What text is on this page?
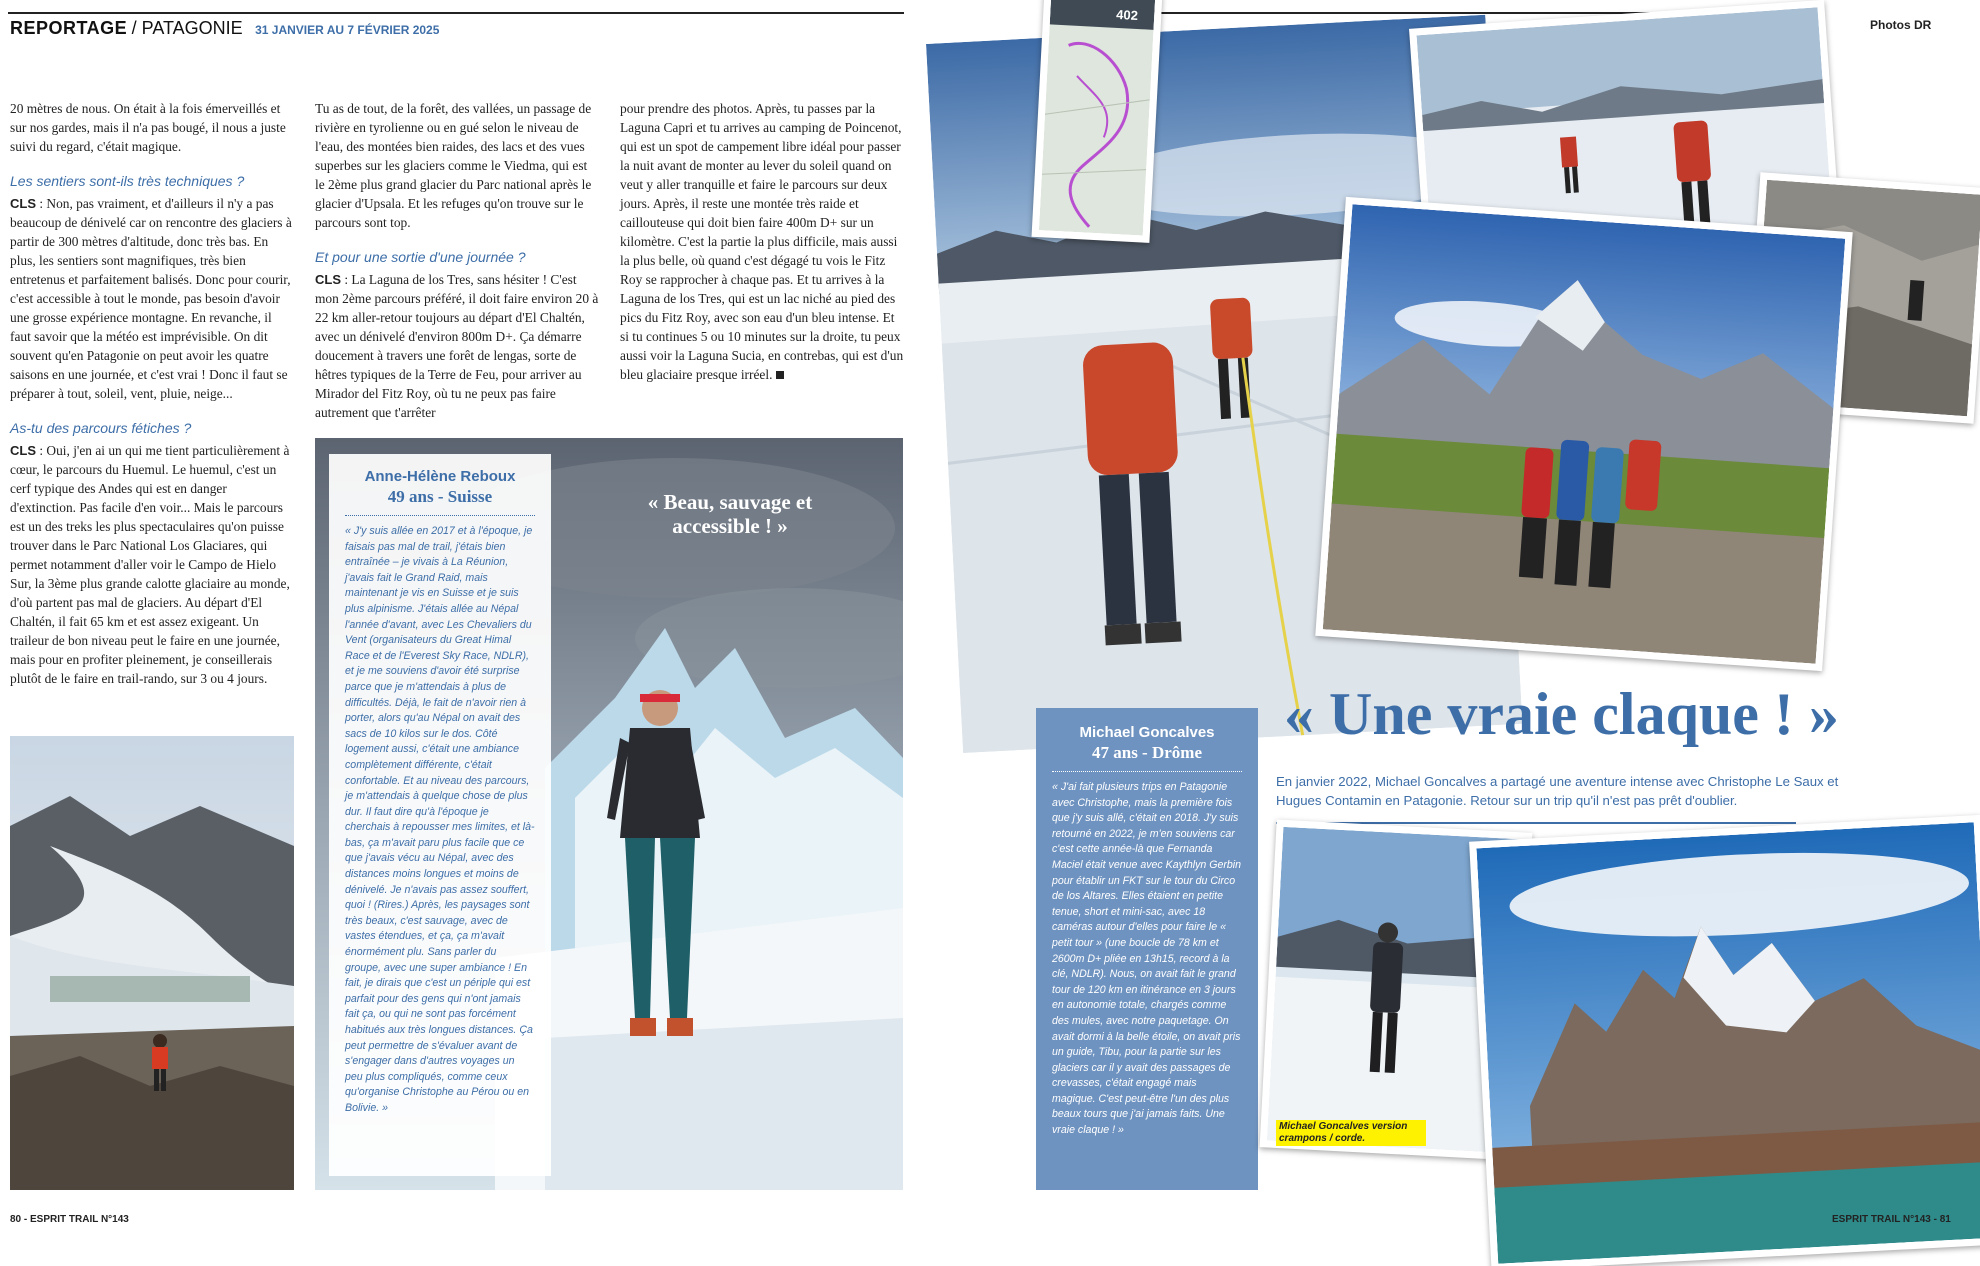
REPORTAGE / PATAGONIE 31 JANVIER AU 7 FÉVRIER 2025

20 mètres de nous. On était à la fois émerveillés et sur nos gardes, mais il n'a pas bougé, il nous a juste suivi du regard, c'était magique.

Les sentiers sont-ils très techniques ?

CLS : Non, pas vraiment, et d'ailleurs il n'y a pas beaucoup de dénivelé car on rencontre des glaciers à partir de 300 mètres d'altitude, donc très bas. En plus, les sentiers sont magnifiques, très bien entretenus et parfaitement balisés. Donc pour courir, c'est accessible à tout le monde, pas besoin d'avoir une grosse expérience montagne. En revanche, il faut savoir que la météo est imprévisible. On dit souvent qu'en Patagonie on peut avoir les quatre saisons en une journée, et c'est vrai ! Donc il faut se préparer à tout, soleil, vent, pluie, neige...

As-tu des parcours fétiches ?

CLS : Oui, j'en ai un qui me tient particulièrement à cœur, le parcours du Huemul. Le huemul, c'est un cerf typique des Andes qui est en danger d'extinction. Pas facile d'en voir... Mais le parcours est un des treks les plus spectaculaires qu'on puisse trouver dans le Parc National Los Glaciares, qui permet notamment d'aller voir le Campo de Hielo Sur, la 3ème plus grande calotte glaciaire au monde, d'où partent pas mal de glaciers. Au départ d'El Chaltén, il fait 65 km et est assez exigeant. Un traileur de bon niveau peut le faire en une journée, mais pour en profiter pleinement, je conseillerais plutôt de le faire en trail-rando, sur 3 ou 4 jours.

Tu as de tout, de la forêt, des vallées, un passage de rivière en tyrolienne ou en gué selon le niveau de l'eau, des montées bien raides, des lacs et des vues superbes sur les glaciers comme le Viedma, qui est le 2ème plus grand glacier du Parc national après le glacier d'Upsala. Et les refuges qu'on trouve sur le parcours sont top.

Et pour une sortie d'une journée ?

CLS : La Laguna de los Tres, sans hésiter ! C'est mon 2ème parcours préféré, il doit faire environ 20 à 22 km aller-retour toujours au départ d'El Chaltén, avec un dénivelé d'environ 800m D+. Ça démarre doucement à travers une forêt de lengas, sorte de hêtres typiques de la Terre de Feu, pour arriver au Mirador del Fitz Roy, où tu ne peux pas faire autrement que t'arrêter

pour prendre des photos. Après, tu passes par la Laguna Capri et tu arrives au camping de Poincenot, qui est un spot de campement libre idéal pour passer la nuit avant de monter au lever du soleil quand on veut y aller tranquille et faire le parcours sur deux jours. Après, il reste une montée très raide et caillouteuse qui doit bien faire 400m D+ sur un kilomètre. C'est la partie la plus difficile, mais aussi la plus belle, où quand c'est dégagé tu vois le Fitz Roy se rapprocher à chaque pas. Et tu arrives à la Laguna de los Tres, qui est un lac niché au pied des pics du Fitz Roy, avec son eau d'un bleu intense. Et si tu continues 5 ou 10 minutes sur la droite, tu peux aussi voir la Laguna Sucia, en contrebas, qui est d'un bleu glaciaire presque irréel.

Anne-Hélène Reboux
49 ans - Suisse
« J'y suis allée en 2017 et à l'époque, je faisais pas mal de trail, j'étais bien entraînée – je vivais à La Réunion, j'avais fait le Grand Raid, mais maintenant je vis en Suisse et je suis plus alpinisme. J'étais allée au Népal l'année d'avant, avec Les Chevaliers du Vent (organisateurs du Great Himal Race et de l'Everest Sky Race, NDLR), et je me souviens d'avoir été surprise parce que je m'attendais à plus de difficultés. Déjà, le fait de n'avoir rien à porter, alors qu'au Népal on avait des sacs de 10 kilos sur le dos. Côté logement aussi, c'était une ambiance complètement différente, c'était confortable. Et au niveau des parcours, je m'attendais à quelque chose de plus dur. Il faut dire qu'à l'époque je cherchais à repousser mes limites, et là-bas, ça m'avait paru plus facile que ce que j'avais vécu au Népal, avec des distances moins longues et moins de dénivelé. Je n'avais pas assez souffert, quoi ! (Rires.) Après, les paysages sont très beaux, c'est sauvage, avec de vastes étendues, et ça, ça m'avait énormément plu. Sans parler du groupe, avec une super ambiance ! En fait, je dirais que c'est un périple qui est parfait pour des gens qui n'ont jamais fait ça, ou qui ne sont pas forcément habitués aux très longues distances. Ça peut permettre de s'évaluer avant de s'engager dans d'autres voyages un peu plus compliqués, comme ceux qu'organise Christophe au Pérou ou en Bolivie. »
« Beau, sauvage et accessible ! »
80 - ESPRIT TRAIL N°143
Photos DR
402
Michael Goncalves
47 ans - Drôme
« J'ai fait plusieurs trips en Patagonie avec Christophe, mais la première fois que j'y suis allé, c'était en 2018. J'y suis retourné en 2022, je m'en souviens car c'est cette année-là que Fernanda Maciel était venue avec Kaythlyn Gerbin pour établir un FKT sur le tour du Circo de los Altares. Elles étaient en petite tenue, short et mini-sac, avec 18 caméras autour d'elles pour faire le « petit tour » (une boucle de 78 km et 2600m D+ pliée en 13h15, record à la clé, NDLR). Nous, on avait fait le grand tour de 120 km en itinérance en 3 jours en autonomie totale, chargés comme des mules, avec notre paquetage. On avait dormi à la belle étoile, on avait pris un guide, Tibu, pour la partie sur les glaciers car il y avait des passages de crevasses, c'était engagé mais magique. C'est peut-être l'un des plus beaux tours que j'ai jamais faits. Une vraie claque ! »
« Une vraie claque ! »
En janvier 2022, Michael Goncalves a partagé une aventure intense avec Christophe Le Saux et Hugues Contamin en Patagonie. Retour sur un trip qu'il n'est pas prêt d'oublier.
Michael Goncalves version crampons / corde.
ESPRIT TRAIL N°143 - 81
